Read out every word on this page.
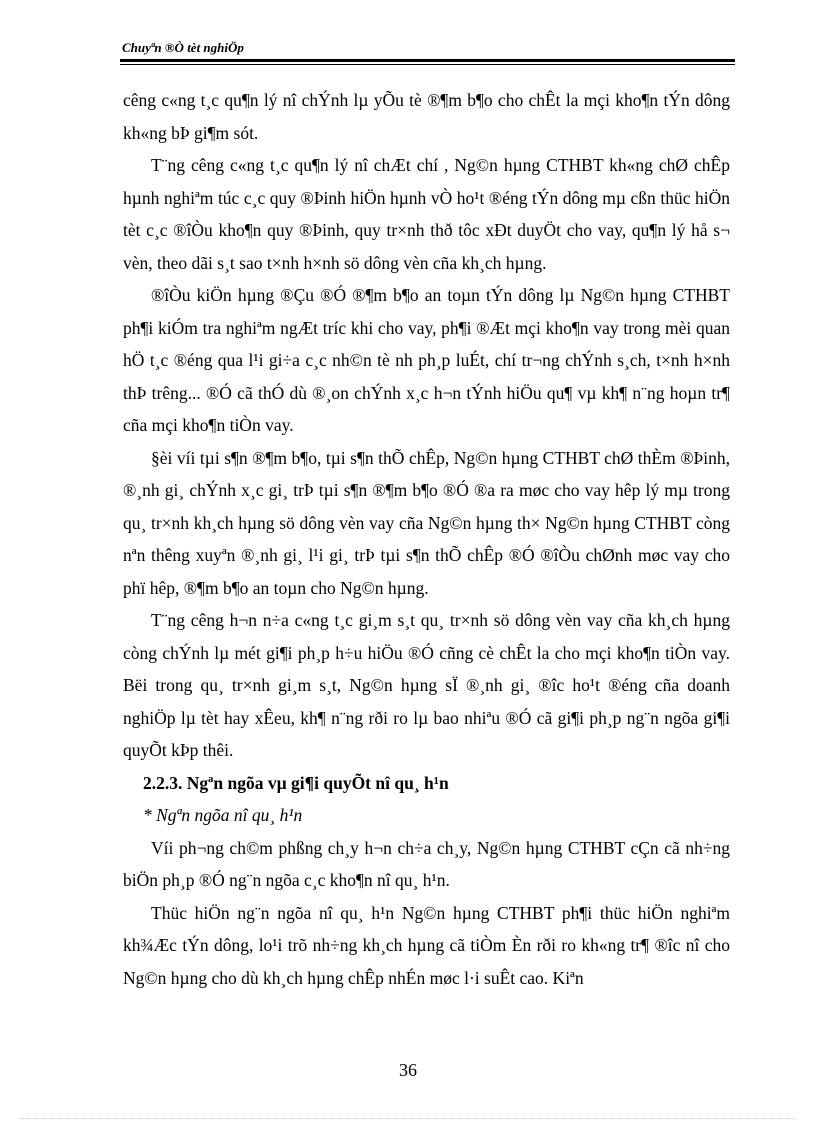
Chuyªn ®Ò tèt nghiÖp

cêng c«ng t¸c qu¶n lý nî chÝnh lµ yÕu tè ®¶m b¶o cho chÊt la mçi kho¶n tÝn dông kh«ng bÞ gi¶m sót.

T¨ng cêng c«ng t¸c qu¶n lý nî chÆt chí , Ng©n hµng CTHBT kh«ng chØ chÊp hµnh nghiªm túc c¸c quy ®Þinh hiÖn hµnh vÒ ho¹t ®éng tÝn dông mµ cßn thüc hiÖn tèt c¸c ®îÒu kho¶n quy ®Þinh, quy tr×nh thð tôc xÐt duyÖt cho vay, qu¶n lý hå s¬ vèn, theo dãi s¸t sao t×nh h×nh sö dông vèn cña kh¸ch hµng.

®îÒu kiÖn hµng ®Çu ®Ó ®¶m b¶o an toµn tÝn dông lµ Ng©n hµng CTHBT ph¶i kiÓm tra nghiªm ngÆt tríc khi cho vay, ph¶i ®Æt mçi kho¶n vay trong mèi quan hÖ t¸c ®éng qua l¹i gi÷a c¸c nh©n tè nh ph¸p luÉt, chí tr¬ng chÝnh s¸ch, t×nh h×nh thÞ trêng... ®Ó cã thÓ dù ®¸on chÝnh x¸c h¬n tÝnh hiÖu qu¶ vµ kh¶ n¨ng hoµn tr¶ cña mçi kho¶n tiÒn vay.

§èi víi tµi s¶n ®¶m b¶o, tµi s¶n thÕ chÊp, Ng©n hµng CTHBT chØ thÈm ®Þinh, ®¸nh gi¸ chÝnh x¸c gi¸ trÞ tµi s¶n ®¶m b¶o ®Ó ®a ra møc cho vay hêp lý mµ trong qu¸ tr×nh kh¸ch hµng sö dông vèn vay cña Ng©n hµng th× Ng©n hµng CTHBT còng nªn thêng xuyªn ®¸nh gi¸ l¹i gi¸ trÞ tµi s¶n thÕ chÊp ®Ó ®îÒu chØnh møc vay cho phï hêp, ®¶m b¶o an toµn cho Ng©n hµng.

T¨ng cêng h¬n n÷a c«ng t¸c gi¸m s¸t qu¸ tr×nh sö dông vèn vay cña kh¸ch hµng còng chÝnh lµ mét gi¶i ph¸p h÷u hiÖu ®Ó cñng cè chÊt la cho mçi kho¶n tiÒn vay. Bëi trong qu¸ tr×nh gi¸m s¸t, Ng©n hµng sÏ ®¸nh gi¸ ®îc ho¹t ®éng cña doanh nghiÖp lµ tèt hay xÊeu, kh¶ n¨ng rði ro lµ bao nhiªu ®Ó cã gi¶i ph¸p ng¨n ngõa gi¶i quyÕt kÞp thêi.

2.2.3. Ngªn ngõa vµ gi¶i quyÕt nî qu¸ h¹n

* Ngªn ngõa nî qu¸ h¹n

Víi ph¬ng ch©m phßng ch¸y h¬n ch÷a ch¸y, Ng©n hµng CTHBT cÇn cã nh÷ng biÖn ph¸p ®Ó ng¨n ngõa c¸c kho¶n nî qu¸ h¹n.

Thüc hiÖn ng¨n ngõa nî qu¸ h¹n Ng©n hµng CTHBT ph¶i thüc hiÖn nghiªm kh¾Æc tÝn dông, lo¹i trõ nh÷ng kh¸ch hµng cã tiÒm Èn rði ro kh«ng tr¶ ®îc nî cho Ng©n hµng cho dù kh¸ch hµng chÊp nhÉn møc l·i suÊt cao. Kiªn

36
